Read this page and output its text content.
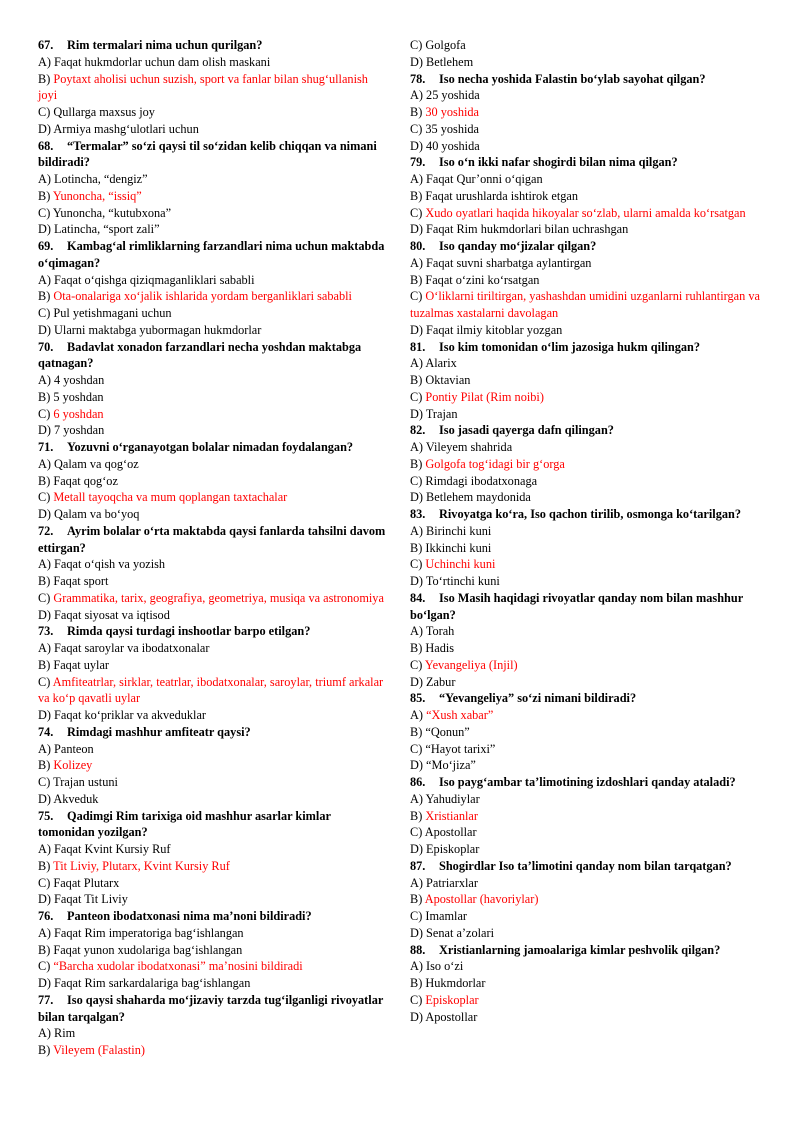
67. Rim termalari nima uchun qurilgan?
A) Faqat hukmdorlar uchun dam olish maskani
B) Poytaxt aholisi uchun suzish, sport va fanlar bilan shug‘ullanish joyi
C) Qullarga maxsus joy
D) Armiya mashg‘ulotlari uchun
68. “Termalar” so‘zi qaysi til so‘zidan kelib chiqqan va nimani bildiradi?
A) Lotincha, “dengiz”
B) Yunoncha, “issiq”
C) Yunoncha, “kutubxona”
D) Latincha, “sport zali”
69. Kambag‘al rimliklarning farzandlari nima uchun maktabda o‘qimagan?
A) Faqat o‘qishga qiziqmaganliklari sababli
B) Ota-onalariga xo‘jalik ishlarida yordam berganliklari sababli
C) Pul yetishmagani uchun
D) Ularni maktabga yubormagan hukmdorlar
70. Badavlat xonadon farzandlari necha yoshdan maktabga qatnagan?
A) 4 yoshdan
B) 5 yoshdan
C) 6 yoshdan
D) 7 yoshdan
71. Yozuvni o‘rganayotgan bolalar nimadan foydalangan?
A) Qalam va qog‘oz
B) Faqat qog‘oz
C) Metall tayoqcha va mum qoplangan taxtachalar
D) Qalam va bo‘yoq
72. Ayrim bolalar o‘rta maktabda qaysi fanlarda tahsilni davom ettirgan?
A) Faqat o‘qish va yozish
B) Faqat sport
C) Grammatika, tarix, geografiya, geometriya, musiqa va astronomiya
D) Faqat siyosat va iqtisod
73. Rimda qaysi turdagi inshootlar barpo etilgan?
A) Faqat saroylar va ibodatxonalar
B) Faqat uylar
C) Amfiteatrlar, sirklar, teatrlar, ibodatxonalar, saroylar, triumf arkalar va ko‘p qavatli uylar
D) Faqat ko‘priklar va akveduklar
74. Rimdagi mashhur amfiteatr qaysi?
A) Panteon
B) Kolizey
C) Trajan ustuni
D) Akveduk
75. Qadimgi Rim tarixiga oid mashhur asarlar kimlar tomonidan yozilgan?
A) Faqat Kvint Kursiy Ruf
B) Tit Liviy, Plutarx, Kvint Kursiy Ruf
C) Faqat Plutarx
D) Faqat Tit Liviy
76. Panteon ibodatxonasi nima ma’noni bildiradi?
A) Faqat Rim imperatoriga bag‘ishlangan
B) Faqat yunon xudolariga bag‘ishlangan
C) “Barcha xudolar ibodatxonasi” ma’nosini bildiradi
D) Faqat Rim sarkardalariga bag‘ishlangan
77. Iso qaysi shaharda mo‘jizaviy tarzda tug‘ilganligi rivoyatlar bilan tarqalgan?
A) Rim
B) Vileyem (Falastin)
C) Golgofa
D) Betlehem
78. Iso necha yoshida Falastin bo‘ylab sayohat qilgan?
A) 25 yoshida
B) 30 yoshida
C) 35 yoshida
D) 40 yoshida
79. Iso o‘n ikki nafar shogirdi bilan nima qilgan?
A) Faqat Qur’onni o‘qigan
B) Faqat urushlarda ishtirok etgan
C) Xudo oyatlari haqida hikoyalar so‘zlab, ularni amalda ko‘rsatgan
D) Faqat Rim hukmdorlari bilan uchrashgan
80. Iso qanday mo‘jizalar qilgan?
A) Faqat suvni sharbatga aylantirgan
B) Faqat o‘zini ko‘rsatgan
C) O‘liklarni tiriltirgan, yashashdan umidini uzganlarni ruhlantirgan va tuzalmas xastalarni davolagan
D) Faqat ilmiy kitoblar yozgan
81. Iso kim tomonidan o‘lim jazosiga hukm qilingan?
A) Alarix
B) Oktavian
C) Pontiy Pilat (Rim noibi)
D) Trajan
82. Iso jasadi qayerga dafn qilingan?
A) Vileyem shahrida
B) Golgofa tog‘idagi bir g‘orga
C) Rimdagi ibodatxonaga
D) Betlehem maydonida
83. Rivoyatga ko‘ra, Iso qachon tirilib, osmonga ko‘tarilgan?
A) Birinchi kuni
B) Ikkinchi kuni
C) Uchinchi kuni
D) To‘rtinchi kuni
84. Iso Masih haqidagi rivoyatlar qanday nom bilan mashhur bo‘lgan?
A) Torah
B) Hadis
C) Yevangeliya (Injil)
D) Zabur
85. “Yevangeliya” so‘zi nimani bildiradi?
A) “Xush xabar”
B) “Qonun”
C) “Hayot tarixi”
D) “Mo‘jiza”
86. Iso payg‘ambar ta’limotining izdoshlari qanday ataladi?
A) Yahudiylar
B) Xristianlar
C) Apostollar
D) Episkoplar
87. Shogirdlar Iso ta’limotini qanday nom bilan tarqatgan?
A) Patriarxlar
B) Apostollar (havoriylar)
C) Imamlar
D) Senat a’zolari
88. Xristianlarning jamoalariga kimlar peshvolik qilgan?
A) Iso o‘zi
B) Hukmdorlar
C) Episkoplar
D) Apostollar
